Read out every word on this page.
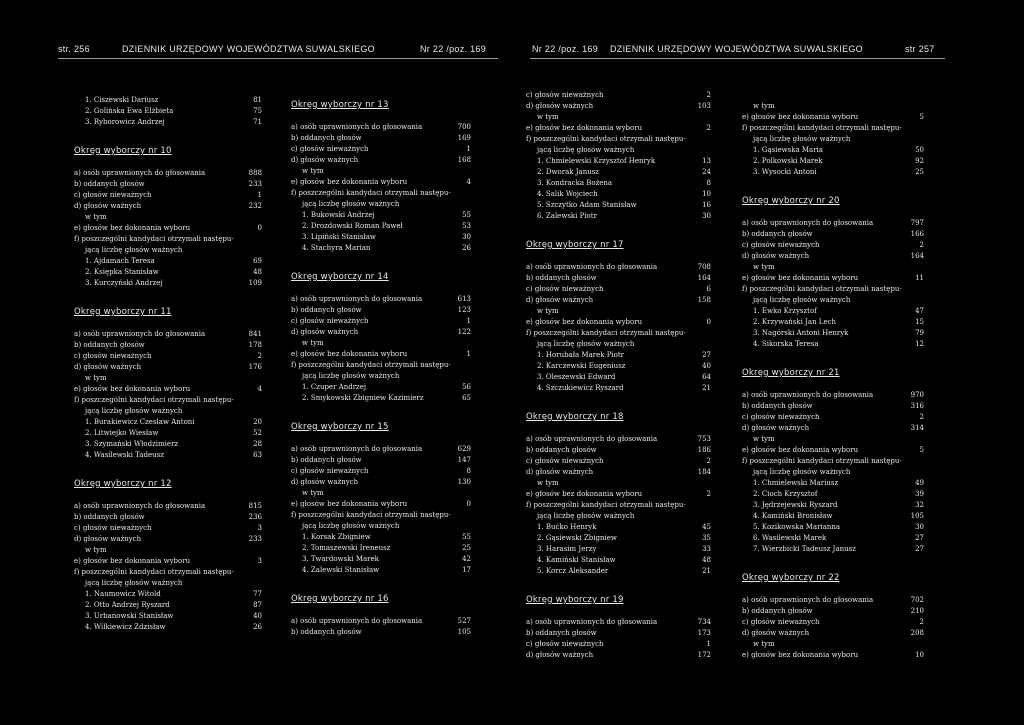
str. 256	DZIENNIK URZĘDOWY WOJEWÓDZTWA SUWALSKIEGO	Nr 22 /poz. 169	Nr 22 /poz. 169 DZIENNIK URZĘDOWY WOJEWÓDZTWA SUWALSKIEGO	str 257
1. Ciszewski Dariusz	81
2. Golińska Ewa Elżbieta	75
3. Ryborowicz Andrzej	71
Okręg wyborczy nr 10
a) osób uprawnionych do głosowania	888
b) oddanych głosów	233
c) głosów nieważnych	1
d) głosów ważnych	232
w tym
e) głosów bez dokonania wyboru	0
f) poszczególni kandydaci otrzymali następu-
jącą liczbę głosów ważnych
1. Ajdamach Teresa	69
2. Księpka Stanisław	48
3. Kurczyński Andrzej	109
Okręg wyborczy nr 11
a) osób uprawnionych do głosowania	841
b) oddanych głosów	178
c) głosów nieważnych	2
d) głosów ważnych	176
w tym
e) głosów bez dokonania wyboru	4
f) poszczególni kandydaci otrzymali następu-
jącą liczbę głosów ważnych
1. Burakiewicz Czesław Antoni	20
2. Litwiejko Wiesław	52
3. Szymański Włodzimierz	28
4. Wasilewski Tadeusz	63
Okręg wyborczy nr 12
a) osób uprawnionych do głosowania	815
b) oddanych głosów	236
c) głosów nieważnych	3
d) głosów ważnych	233
w tym
e) głosów bez dokonania wyboru	3
f) poszczególni kandydaci otrzymali następu-
jącą liczbę głosów ważnych
1. Naumowicz Witold	77
2. Otto Andrzej Ryszard	87
3. Urbanowski Stanisław	40
4. Wilkiewicz Zdzisław	26
Okręg wyborczy nr 13
a) osób uprawnionych do głosowania	700
b) oddanych głosów	169
c) głosów nieważnych	1
d) głosów ważnych	168
w tym
e) głosów bez dokonania wyboru	4
f) poszczególni kandydaci otrzymali następu-
jącą liczbę głosów ważnych
1. Bukowski Andrzej	55
2. Drozdowski Roman Paweł	53
3. Lipiński Stanisław	30
4. Stachyra Marian	26
Okręg wyborczy nr 14
a) osób uprawnionych do głosowania	613
b) oddanych głosów	123
c) głosów nieważnych	1
d) głosów ważnych	122
w tym
e) głosów bez dokonania wyboru	1
f) poszczególni kandydaci otrzymali następu-
jącą liczbę głosów ważnych
1. Czuper Andrzej	56
2. Smykowski Zbigniew Kazimierz	65
Okręg wyborczy nr 15
a) osób uprawnionych do głosowania	629
b) oddanych głosów	147
c) głosów nieważnych	8
d) głosów ważnych	130
w tym
e) głosów bez dokonania wyboru	0
f) poszczególni kandydaci otrzymali następu-
jącą liczbę głosów ważnych
1. Korsak Zbigniew	55
2. Tomaszewski Ireneusz	25
3. Twardowski Marek	42
4. Zalewski Stanisław	17
Okręg wyborczy nr 16
a) osób uprawnionych do głosowania	527
b) oddanych głosów	105
c) głosów nieważnych	2
d) głosów ważnych	103
w tym
e) głosów bez dokonania wyboru	2
f) poszczególni kandydaci otrzymali następu-
jącą liczbę głosów ważnych
1. Chmielewski Krzysztof Henryk	13
2. Dworak Janusz	24
3. Kondracka Bożena	8
4. Salik Wojciech	10
5. Szczytko Adam Stanisław	16
6. Zalewski Piotr	30
Okręg wyborczy nr 17
a) osób uprawnionych do głosowania	708
b) oddanych głosów	164
c) głosów nieważnych	6
d) głosów ważnych	158
w tym
e) głosów bez dokonania wyboru	0
f) poszczególni kandydaci otrzymali następu-
jącą liczbę głosów ważnych
1. Horubała Marek Piotr	27
2. Karczewski Eugeniusz	40
3. Oleszewski Edward	64
4. Szczukiewicz Ryszard	21
Okręg wyborczy nr 18
a) osób uprawnionych do głosowania	753
b) oddanych głosów	186
c) głosów nieważnych	2
d) głosów ważnych	184
w tym
e) głosów bez dokonania wyboru	2
f) poszczególni kandydaci otrzymali następu-
jącą liczbę głosów ważnych
1. Bućko Henryk	45
2. Gąsiewski Zbigniew	35
3. Harasim Jerzy	33
4. Kamiński Stanisław	48
5. Korcz Aleksander	21
Okręg wyborczy nr 19
a) osób uprawnionych do głosowania	734
b) oddanych głosów	173
c) głosów nieważnych	1
d) głosów ważnych	172
w tym
e) głosów bez dokonania wyboru	5
f) poszczególni kandydaci otrzymali następu-
jącą liczbę głosów ważnych
1. Gąsiewska Maria	50
2. Polkowski Marek	92
3. Wysocki Antoni	25
Okręg wyborczy nr 20
a) osób uprawnionych do głosowania	797
b) oddanych głosów	166
c) głosów nieważnych	2
d) głosów ważnych	164
w tym
e) głosów bez dokonania wyboru	11
f) poszczególni kandydaci otrzymali następu-
jącą liczbę głosów ważnych
1. Ewko Krzysztof	47
2. Krzywański Jan Lech	15
3. Nagórski Antoni Henryk	79
4. Sikorska Teresa	12
Okręg wyborczy nr 21
a) osób uprawnionych do głosowania	970
b) oddanych głosów	316
c) głosów nieważnych	2
d) głosów ważnych	314
w tym
e) głosów bez dokonania wyboru	5
f) poszczególni kandydaci otrzymali następu-
jącą liczbę głosów ważnych
1. Chmielewski Mariusz	49
2. Cioch Krzysztof	39
3. Jędrzejewski Ryszard	32
4. Kamiński Bronisław	105
5. Kozikowska Marianna	30
6. Wasilewski Marek	27
7. Wierzbicki Tadeusz Janusz	27
Okręg wyborczy nr 22
a) osób uprawnionych do głosowania	702
b) oddanych głosów	210
c) głosów nieważnych	2
d) głosów ważnych	208
w tym
e) głosów bez dokonania wyboru	10
